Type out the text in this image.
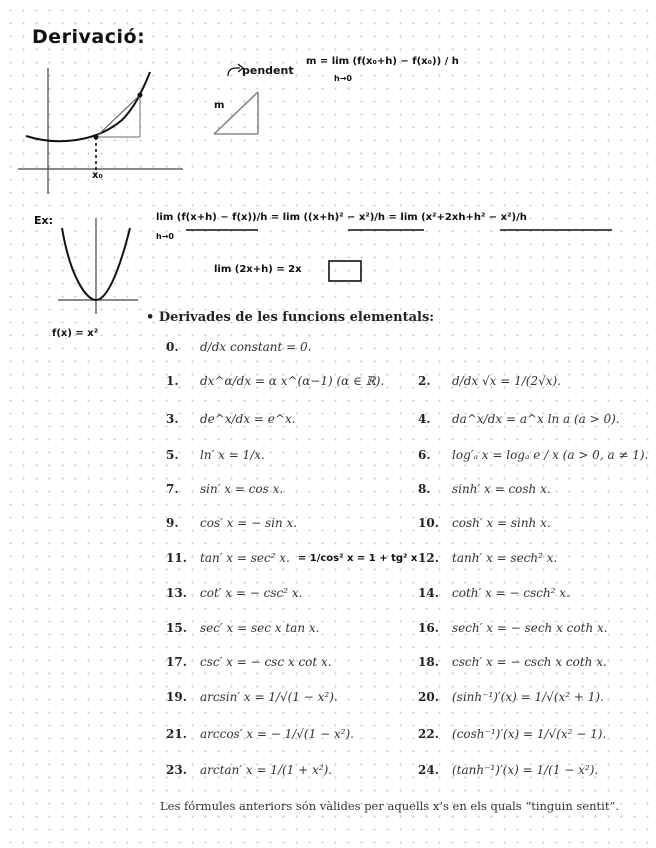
Derivació:
x₀
pendent
m = lim (f(x₀+h) − f(x₀)) / h
h→0
m
Ex:
f(x) = x²
lim (f(x+h) − f(x))/h = lim ((x+h)² − x²)/h = lim (x²+2xh+h² − x²)/h
h→0
lim (2x+h) = 2x
• Derivades de les funcions elementals:
0.	d/dx constant = 0.
1.	dx^α/dx = α x^(α−1) (α ∈ ℝ).
3.	de^x/dx = e^x.
5.	ln′ x = 1/x.
7.	sin′ x = cos x.
9.	cos′ x = − sin x.
11.	tan′ x = sec² x. = 1/cos² x = 1 + tg² x
13.	cot′ x = − csc² x.
15.	sec′ x = sec x tan x.
17.	csc′ x = − csc x cot x.
19.	arcsin′ x = 1/√(1 − x²).
21.	arccos′ x = − 1/√(1 − x²).
23.	arctan′ x = 1/(1 + x²).
2.	d/dx √x = 1/(2√x).
4.	da^x/dx = a^x ln a (a > 0).
6.	log′ₐ x = logₐ e / x (a > 0, a ≠ 1).
8.	sinh′ x = cosh x.
10.	cosh′ x = sinh x.
12.	tanh′ x = sech² x.
14.	coth′ x = − csch² x.
16.	sech′ x = − sech x coth x.
18.	csch′ x = − csch x coth x.
20.	(sinh⁻¹)′(x) = 1/√(x² + 1).
22.	(cosh⁻¹)′(x) = 1/√(x² − 1).
24.	(tanh⁻¹)′(x) = 1/(1 − x²).
Les fórmules anteriors són vàlides per aquells x’s en els quals “tinguin sentit”.
